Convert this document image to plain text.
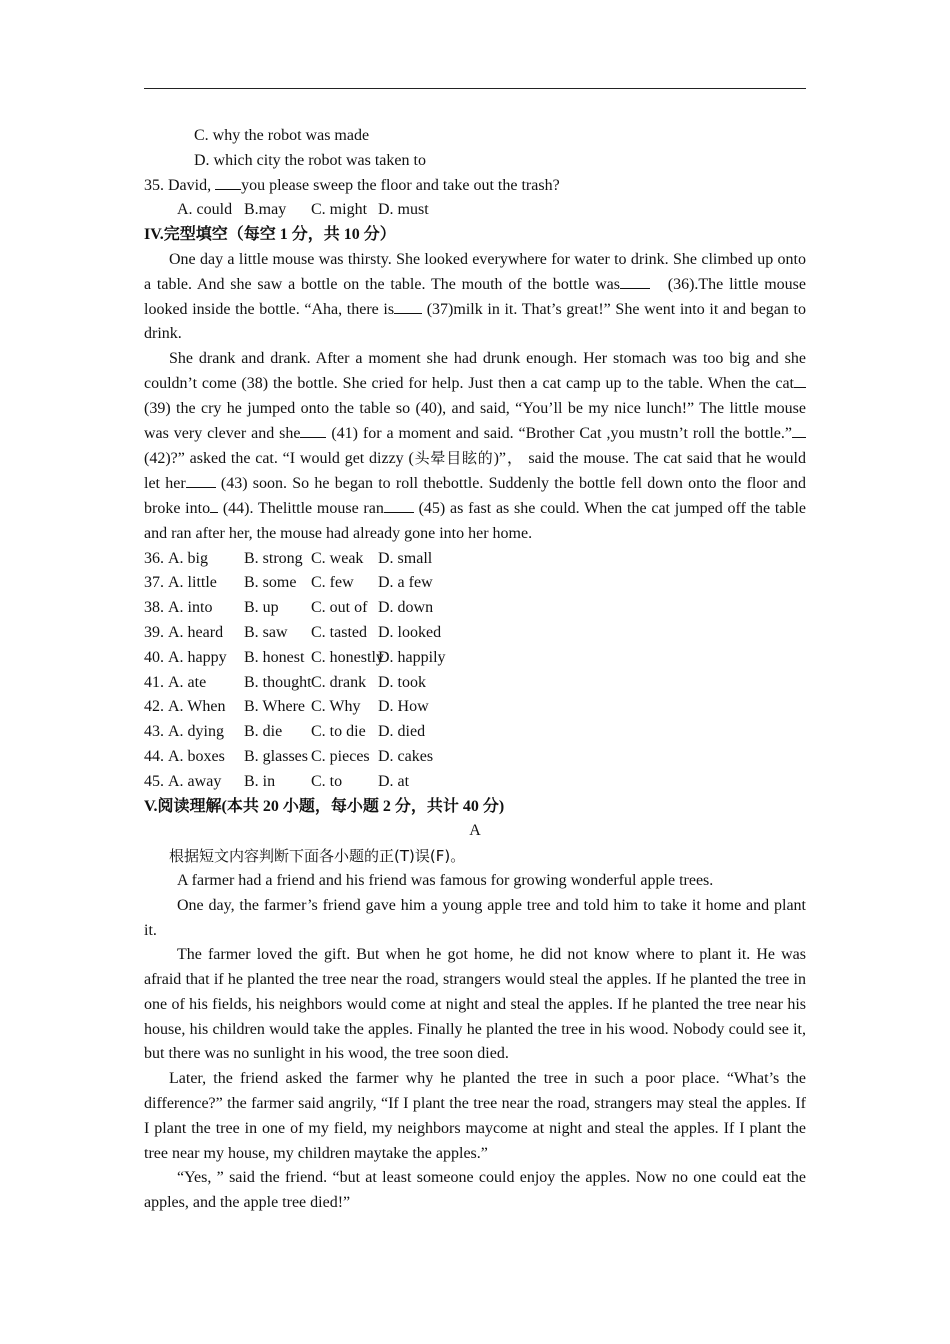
C. why the robot was made
D. which city the robot was taken to
35. David, you please sweep the floor and take out the trash?
A. could B.may C. might D. must
IV.完型填空（每空 1 分，共 10 分）
One day a little mouse was thirsty. She looked everywhere for water to drink. She climbed up onto a table. And she saw a bottle on the table. The mouth of the bottle was	(36).The little mouse looked inside the bottle. “Aha, there is (37)milk in it. That’s great!” She went into it and began to drink.
She drank and drank. After a moment she had drunk enough. Her stomach was too big and she couldn’t come (38) the bottle. She cried for help. Just then a cat camp up to the table. When the cat(39) the cry he jumped onto the table so (40), and said, “You’ll be my nice lunch!” The little mouse was very clever and she (41) for a moment and said. “Brother Cat ,you mustn’t roll the bottle.” (42)?” asked the cat. “I would get dizzy (头晕目眩的)”， said the mouse. The cat said that he would let her (43) soon. So he began to roll thebottle. Suddenly the bottle fell down onto the floor and broke into (44). Thelittle mouse ran (45) as fast as she could. When the cat jumped off the table and ran after her, the mouse had already gone into her home.
36. A. big B. strong C. weak D. small
37. A. little B. some C. few D. a few
38. A. into B. up C. out of D. down
39. A. heard B. saw C. tasted D. looked
40. A. happy B. honest C. honestlyD. happily
41. A. ate B. thoughtC. drank D. took
42. A. When B. Where C. Why D. How
43. A. dying B. die C. to die D. died
44. A. boxes B. glasses C. pieces D. cakes
45. A. away B. in C. to D. at
V.阅读理解(本共 20 小题，每小题 2 分，共计 40 分)
A
根据短文内容判断下面各小题的正(T)误(F)。
A farmer had a friend and his friend was famous for growing wonderful apple trees.
One day, the farmer’s friend gave him a young apple tree and told him to take it home and plant it.
The farmer loved the gift. But when he got home, he did not know where to plant it. He was afraid that if he planted the tree near the road, strangers would steal the apples. If he planted the tree in one of his fields, his neighbors would come at night and steal the apples. If he planted the tree near his house, his children would take the apples. Finally he planted the tree in his wood. Nobody could see it, but there was no sunlight in his wood, the tree soon died.
Later, the friend asked the farmer why he planted the tree in such a poor place. “What’s the difference?” the farmer said angrily, “If I plant the tree near the road, strangers may steal the apples. If I plant the tree in one of my field, my neighbors maycome at night and steal the apples. If I plant the tree near my house, my children maytake the apples.”
“Yes, ” said the friend. “but at least someone could enjoy the apples. Now no one could eat the apples, and the apple tree died!”
